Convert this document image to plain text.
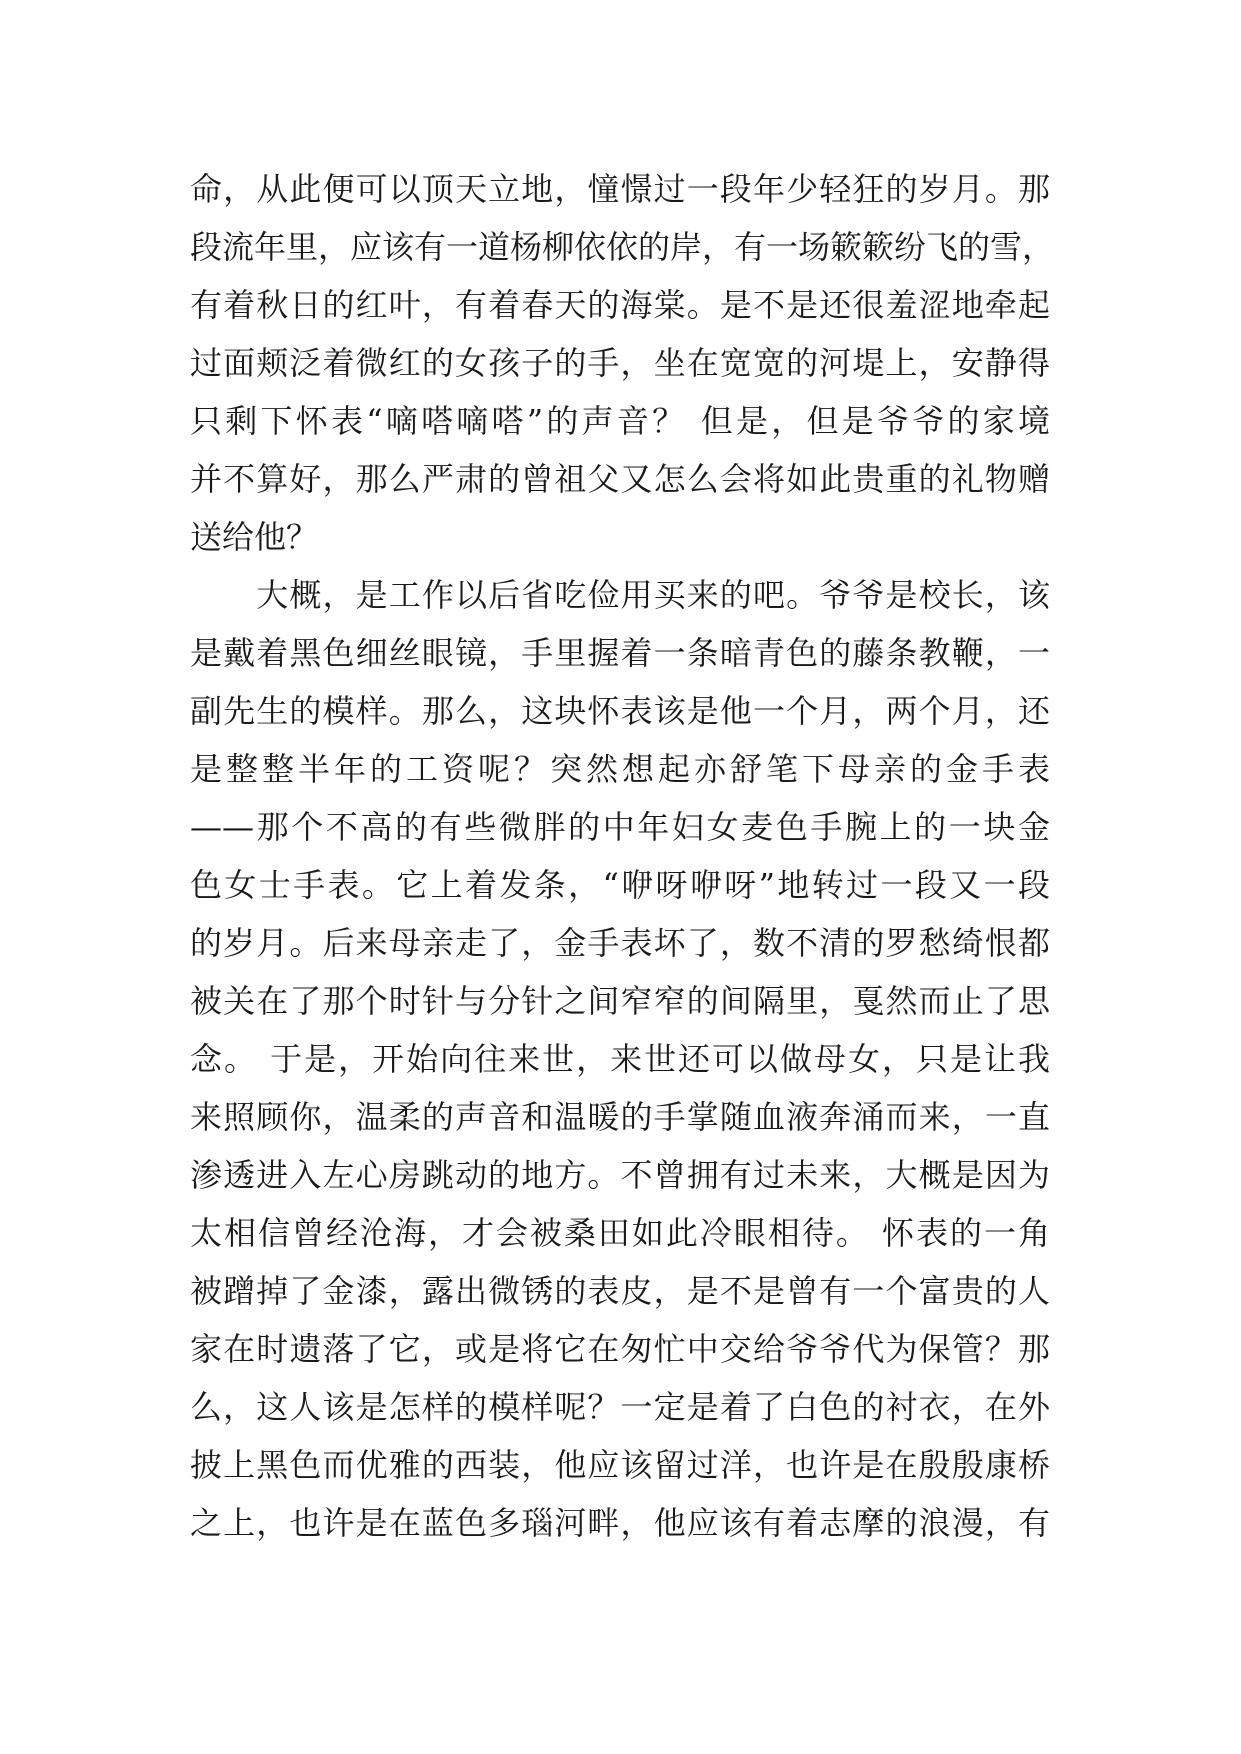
命，从此便可以顶天立地，憧憬过一段年少轻狂的岁月。那
段流年里，应该有一道杨柳依依的岸，有一场簌簌纷飞的雪，
有着秋日的红叶，有着春天的海棠。是不是还很羞涩地牵起
过面颊泛着微红的女孩子的手，坐在宽宽的河堤上，安静得
只剩下怀表“嘀嗒嘀嗒”的声音？ 但是，但是爷爷的家境
并不算好，那么严肃的曾祖父又怎么会将如此贵重的礼物赠
送给他？
　　大概，是工作以后省吃俭用买来的吧。爷爷是校长，该
是戴着黑色细丝眼镜，手里握着一条暗青色的藤条教鞭，一
副先生的模样。那么，这块怀表该是他一个月，两个月，还
是整整半年的工资呢？突然想起亦舒笔下母亲的金手表
——那个不高的有些微胖的中年妇女麦色手腕上的一块金
色女士手表。它上着发条，“咿呀咿呀”地转过一段又一段
的岁月。后来母亲走了，金手表坏了，数不清的罗愁绮恨都
被关在了那个时针与分针之间窄窄的间隔里，戛然而止了思
念。 于是，开始向往来世，来世还可以做母女，只是让我
来照顾你，温柔的声音和温暖的手掌随血液奔涌而来，一直
渗透进入左心房跳动的地方。不曾拥有过未来，大概是因为
太相信曾经沧海，才会被桑田如此冷眼相待。 怀表的一角
被蹭掉了金漆，露出微锈的表皮，是不是曾有一个富贵的人
家在时遗落了它，或是将它在匆忙中交给爷爷代为保管？那
么，这人该是怎样的模样呢？一定是着了白色的衬衣，在外
披上黑色而优雅的西装，他应该留过洋，也许是在殷殷康桥
之上，也许是在蓝色多瑙河畔，他应该有着志摩的浪漫，有
